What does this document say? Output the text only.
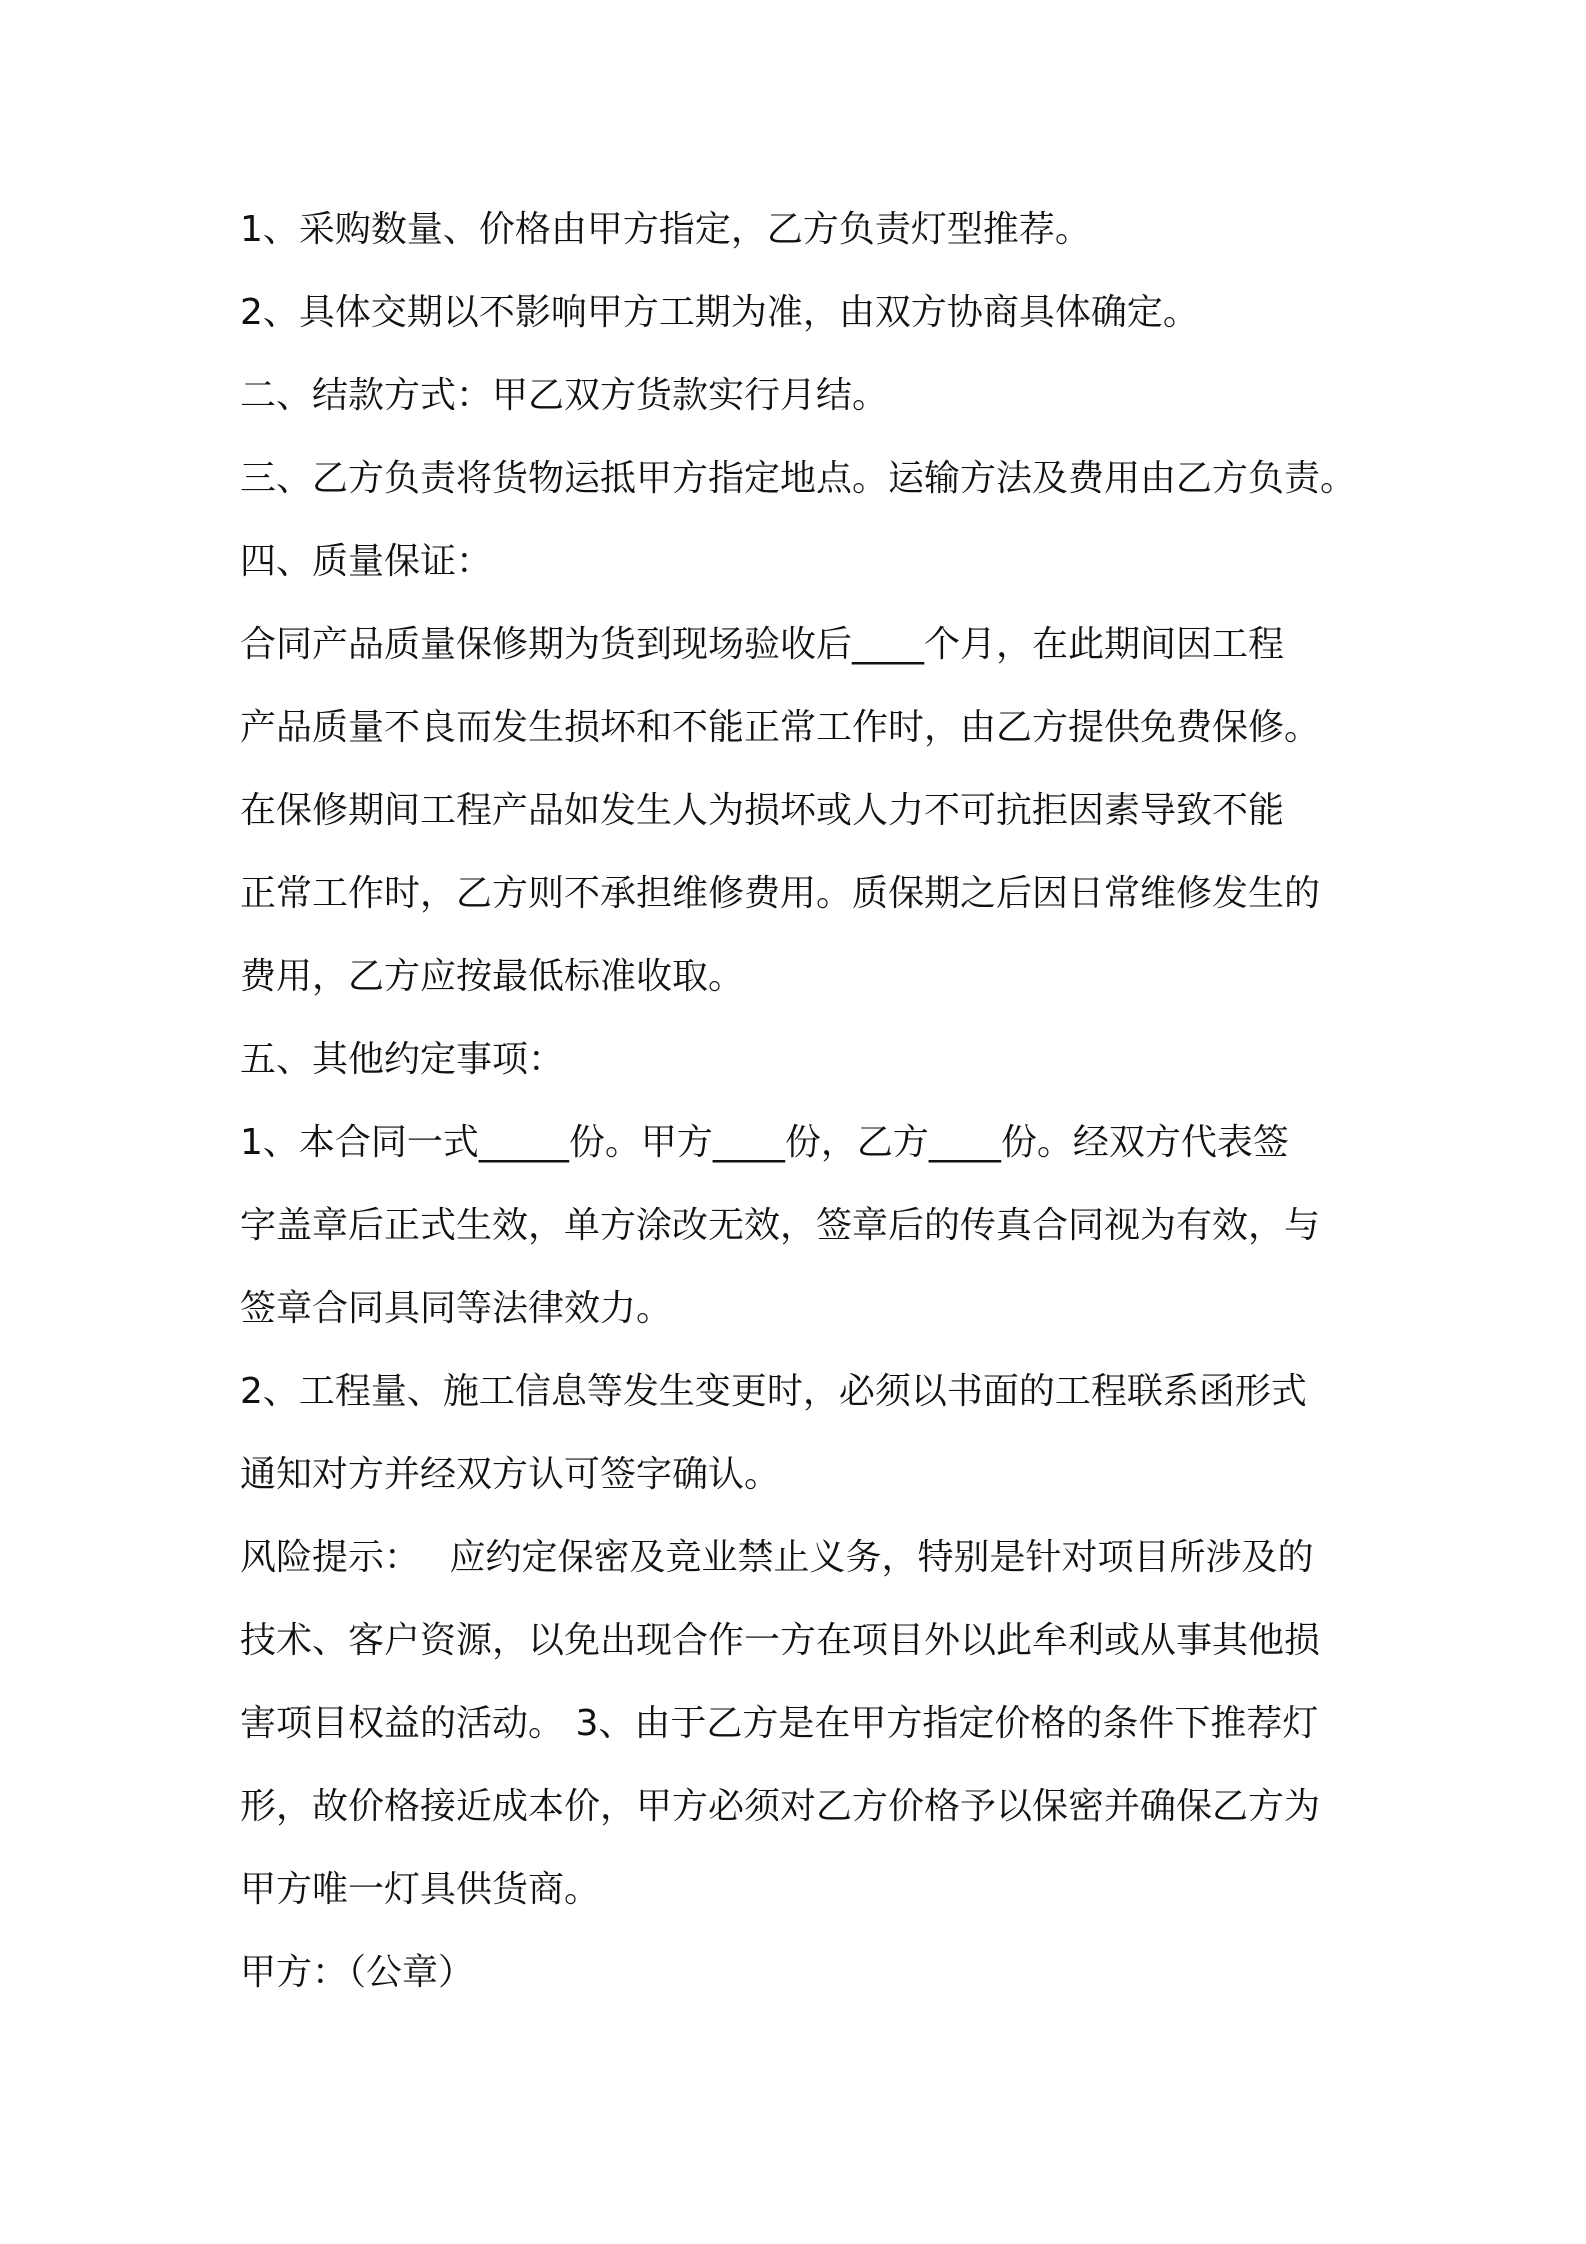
1、采购数量、价格由甲方指定，乙方负责灯型推荐。
2、具体交期以不影响甲方工期为准，由双方协商具体确定。
二、结款方式：甲乙双方货款实行月结。
三、乙方负责将货物运抵甲方指定地点。运输方法及费用由乙方负责。
四、质量保证：
合同产品质量保修期为货到现场验收后____个月，在此期间因工程
产品质量不良而发生损坏和不能正常工作时，由乙方提供免费保修。
在保修期间工程产品如发生人为损坏或人力不可抗拒因素导致不能
正常工作时，乙方则不承担维修费用。质保期之后因日常维修发生的
费用，乙方应按最低标准收取。
五、其他约定事项：
1、本合同一式_____份。甲方____份，乙方____份。经双方代表签
字盖章后正式生效，单方涂改无效，签章后的传真合同视为有效，与
签章合同具同等法律效力。
2、工程量、施工信息等发生变更时，必须以书面的工程联系函形式
通知对方并经双方认可签字确认。
风险提示：　 应约定保密及竞业禁止义务，特别是针对项目所涉及的
技术、客户资源，以免出现合作一方在项目外以此牟利或从事其他损
害项目权益的活动。 3、由于乙方是在甲方指定价格的条件下推荐灯
形，故价格接近成本价，甲方必须对乙方价格予以保密并确保乙方为
甲方唯一灯具供货商。
甲方：（公章）
